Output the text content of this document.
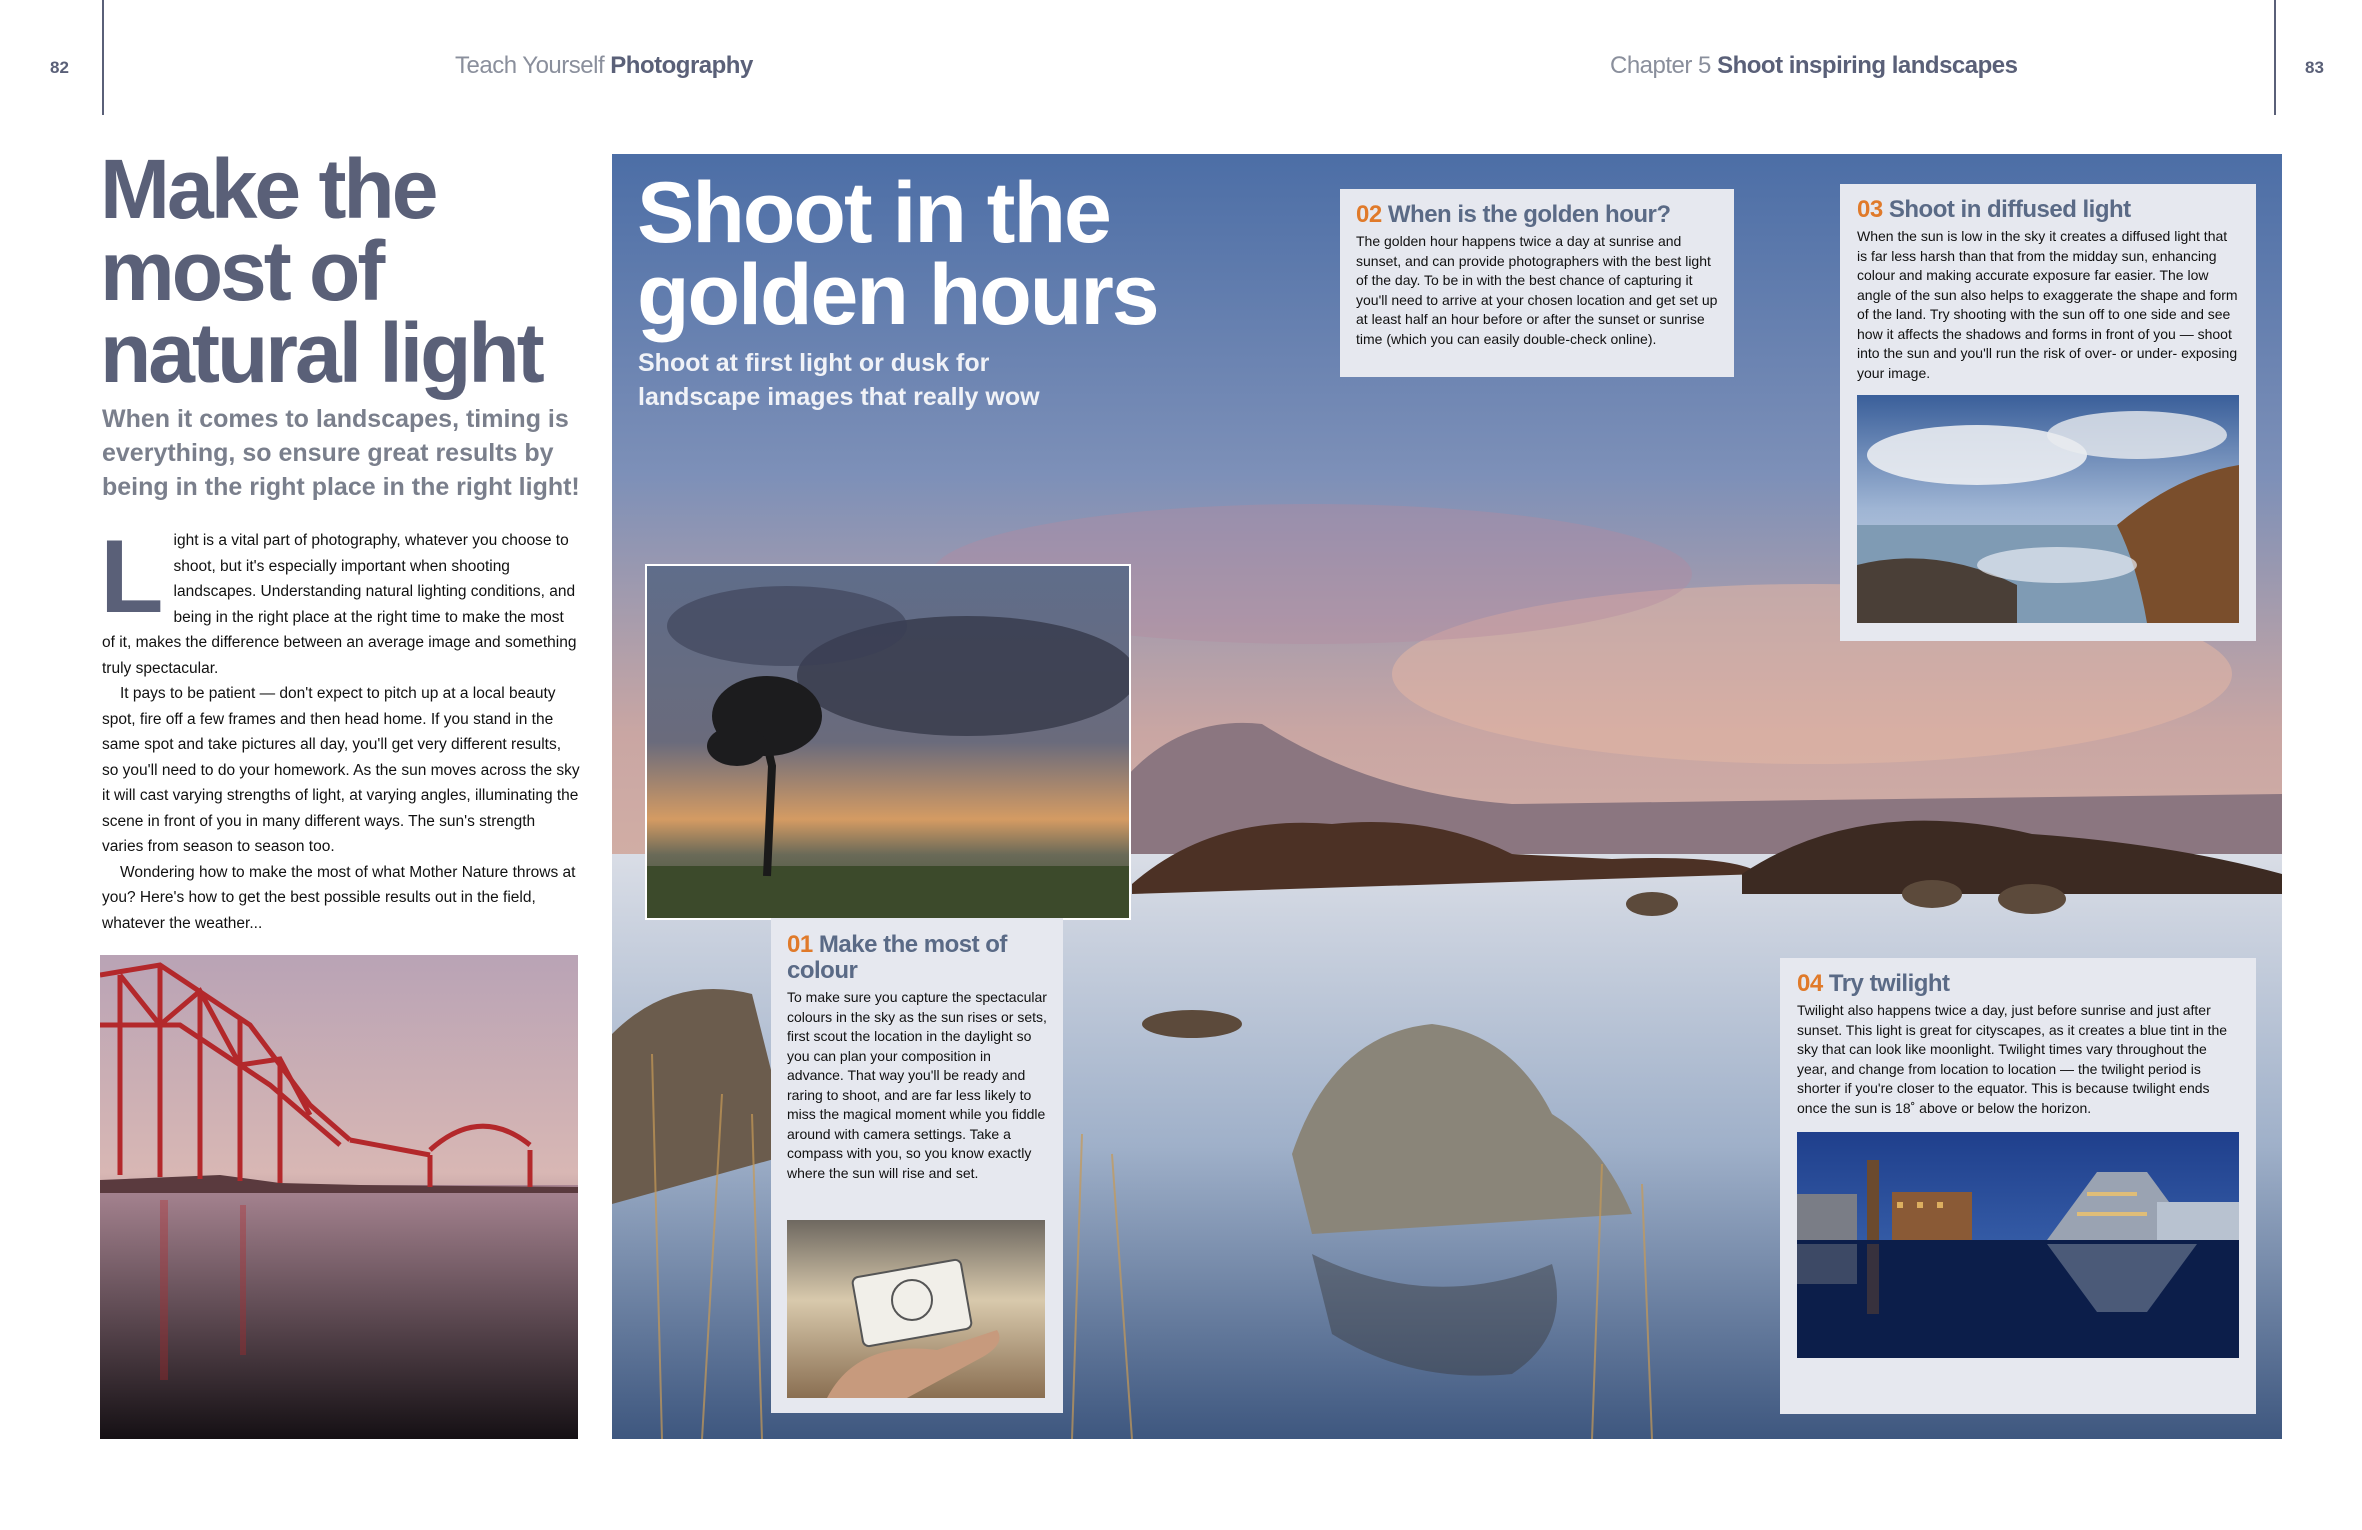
82	Teach Yourself Photography	Chapter 5 Shoot inspiring landscapes	83
Make the most of natural light
When it comes to landscapes, timing is everything, so ensure great results by being in the right place in the right light!

Light is a vital part of photography, whatever you choose to shoot, but it's especially important when shooting landscapes. Understanding natural lighting conditions, and being in the right place at the right time to make the most of it, makes the difference between an average image and something truly spectacular.

It pays to be patient — don't expect to pitch up at a local beauty spot, fire off a few frames and then head home. If you stand in the same spot and take pictures all day, you'll get very different results, so you'll need to do your homework. As the sun moves across the sky it will cast varying strengths of light, at varying angles, illuminating the scene in front of you in many different ways. The sun's strength varies from season to season too.

Wondering how to make the most of what Mother Nature throws at you? Here's how to get the best possible results out in the field, whatever the weather...

Shoot in the golden hours
Shoot at first light or dusk for landscape images that really wow
01 Make the most of colour

To make sure you capture the spectacular colours in the sky as the sun rises or sets, first scout the location in the daylight so you can plan your composition in advance. That way you'll be ready and raring to shoot, and are far less likely to miss the magical moment while you fiddle around with camera settings. Take a compass with you, so you know exactly where the sun will rise and set.

02 When is the golden hour?

The golden hour happens twice a day at sunrise and sunset, and can provide photographers with the best light of the day. To be in with the best chance of capturing it you'll need to arrive at your chosen location and get set up at least half an hour before or after the sunset or sunrise time (which you can easily double-check online).

03 Shoot in diffused light

When the sun is low in the sky it creates a diffused light that is far less harsh than that from the midday sun, enhancing colour and making accurate exposure far easier. The low angle of the sun also helps to exaggerate the shape and form of the land. Try shooting with the sun off to one side and see how it affects the shadows and forms in front of you — shoot into the sun and you'll run the risk of over- or under- exposing your image.

04 Try twilight

Twilight also happens twice a day, just before sunrise and just after sunset. This light is great for cityscapes, as it creates a blue tint in the sky that can look like moonlight. Twilight times vary throughout the year, and change from location to location — the twilight period is shorter if you're closer to the equator. This is because twilight ends once the sun is 18˚ above or below the horizon.
